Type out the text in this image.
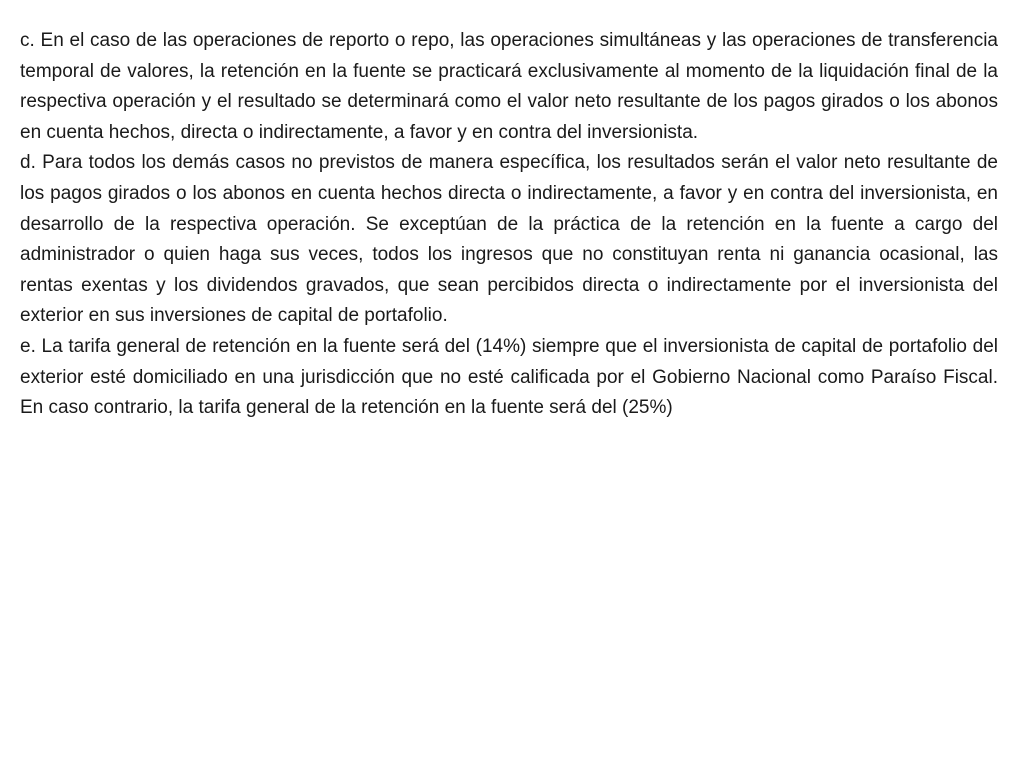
c. En el caso de las operaciones de reporto o repo, las operaciones simultáneas y las operaciones de transferencia temporal de valores, la retención en la fuente se practicará exclusivamente al momento de la liquidación final de la respectiva operación y el resultado se determinará como el valor neto resultante de los pagos girados o los abonos en cuenta hechos, directa o indirectamente, a favor y en contra del inversionista.

d. Para todos los demás casos no previstos de manera específica, los resultados serán el valor neto resultante de los pagos girados o los abonos en cuenta hechos directa o indirectamente, a favor y en contra del inversionista, en desarrollo de la respectiva operación. Se exceptúan de la práctica de la retención en la fuente a cargo del administrador o quien haga sus veces, todos los ingresos que no constituyan renta ni ganancia ocasional, las rentas exentas y los dividendos gravados, que sean percibidos directa o indirectamente por el inversionista del exterior en sus inversiones de capital de portafolio.

e. La tarifa general de retención en la fuente será del (14%) siempre que el inversionista de capital de portafolio del exterior esté domiciliado en una jurisdicción que no esté calificada por el Gobierno Nacional como Paraíso Fiscal. En caso contrario, la tarifa general de la retención en la fuente será del (25%)
